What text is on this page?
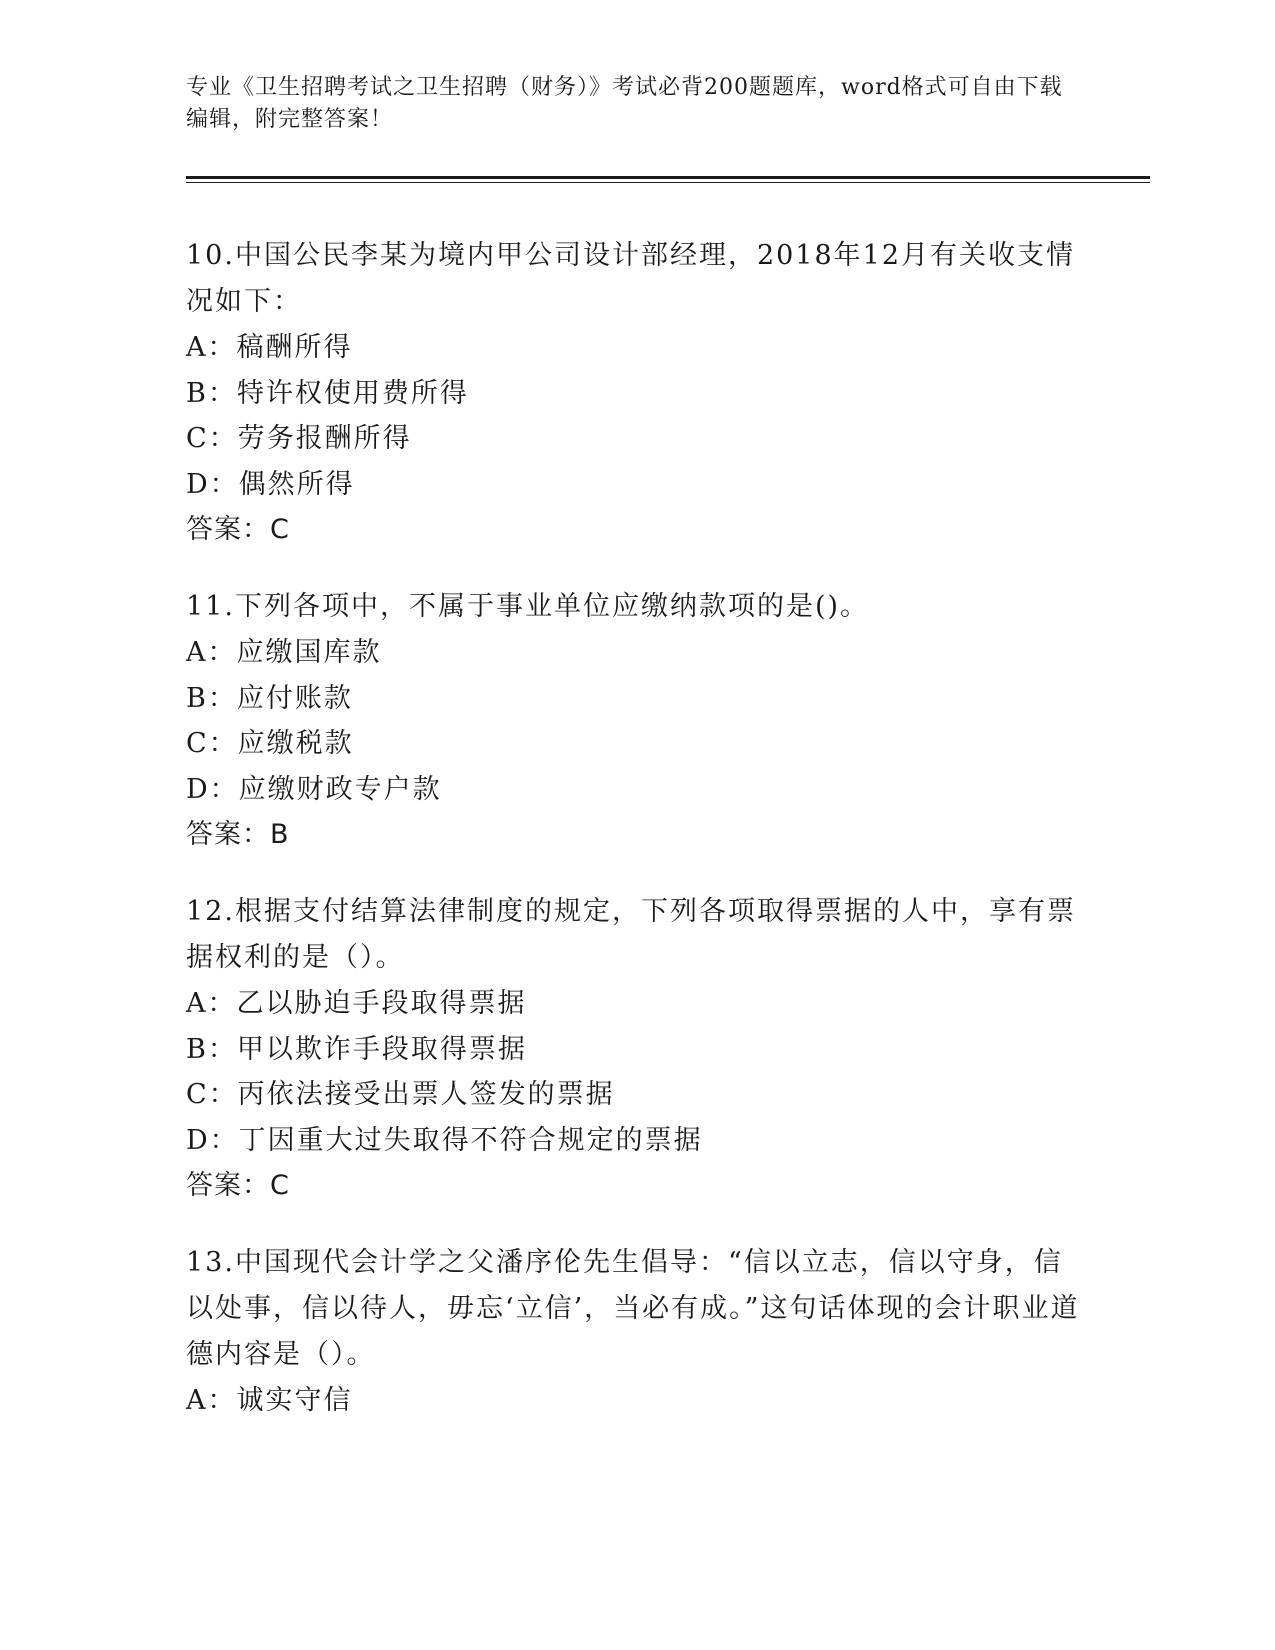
专业《卫生招聘考试之卫生招聘（财务）》考试必背200题题库，word格式可自由下载编辑，附完整答案！
10.中国公民李某为境内甲公司设计部经理，2018年12月有关收支情况如下：
A：稿酬所得
B：特许权使用费所得
C：劳务报酬所得
D：偶然所得
答案：C
11.下列各项中，不属于事业单位应缴纳款项的是()。
A：应缴国库款
B：应付账款
C：应缴税款
D：应缴财政专户款
答案：B
12.根据支付结算法律制度的规定，下列各项取得票据的人中，享有票据权利的是（）。
A：乙以胁迫手段取得票据
B：甲以欺诈手段取得票据
C：丙依法接受出票人签发的票据
D：丁因重大过失取得不符合规定的票据
答案：C
13.中国现代会计学之父潘序伦先生倡导：“信以立志，信以守身，信以处事，信以待人，毋忘‘立信’，当必有成。”这句话体现的会计职业道德内容是（）。
A：诚实守信
